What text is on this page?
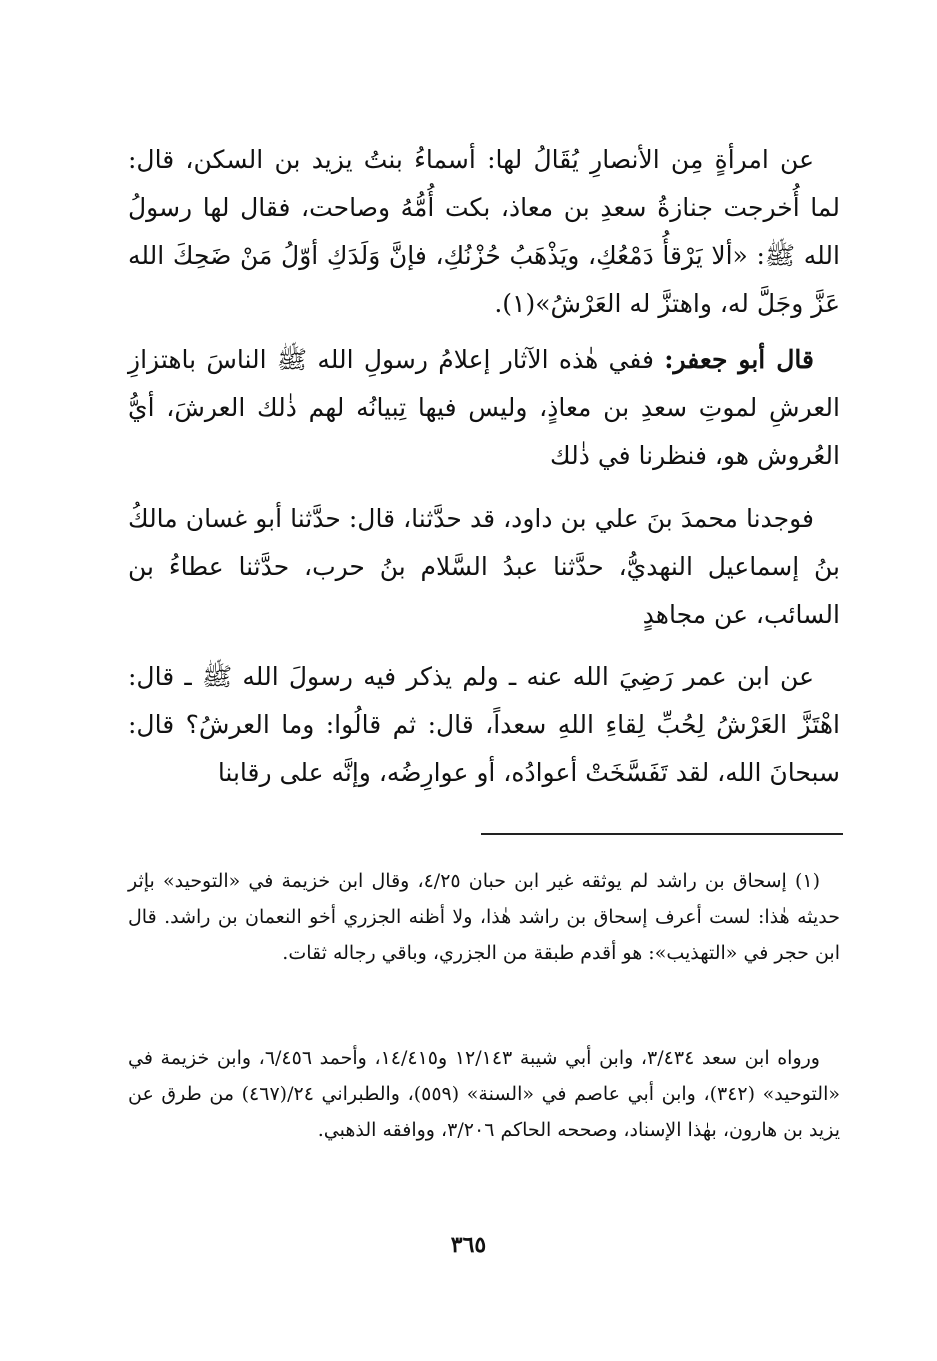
عن امرأةٍ مِن الأنصارِ يُقَالُ لها: أسماءُ بنتُ يزيد بن السكن، قال: لما أُخرجت جنازةُ سعدِ بن معاذ، بكت أُمُّهُ وصاحت، فقال لها رسولُ الله ﷺ: «ألا يَرْقأُ دَمْعُكِ، ويَذْهَبُ حُزْنُكِ، فإنَّ وَلَدَكِ أوّلُ مَنْ ضَحِكَ الله عَزَّ وجَلَّ له، واهتزَّ له العَرْشُ»(١).

قال أبو جعفر: ففي هٰذه الآثار إعلامُ رسولِ الله ﷺ الناسَ باهتزازِ العرشِ لموتِ سعدِ بن معاذٍ، وليس فيها تِبيانُه لهم ذٰلك العرشَ، أيُّ العُروش هو، فنظرنا في ذٰلك

فوجدنا محمدَ بنَ علي بن داود، قد حدَّثنا، قال: حدَّثنا أبو غسان مالكُ بنُ إسماعيل النهديُّ، حدَّثنا عبدُ السَّلام بنُ حرب، حدَّثنا عطاءُ بن السائب، عن مجاهدٍ

عن ابن عمر رَضِيَ الله عنه ـ ولم يذكر فيه رسولَ الله ﷺ ـ قال: اهْتَزَّ العَرْشُ لِحُبِّ لِقاءِ اللهِ سعداً، قال: ثم قالُوا: وما العرشُ؟ قال: سبحانَ الله، لقد تَفَسَّخَتْ أعوادُه، أو عوارِضُه، وإنَّه على رقابنا

(١) إسحاق بن راشد لم يوثقه غير ابن حبان ٤/٢٥، وقال ابن خزيمة في «التوحيد» بإثر حديثه هٰذا: لست أعرف إسحاق بن راشد هٰذا، ولا أظنه الجزري أخو النعمان بن راشد. قال ابن حجر في «التهذيب»: هو أقدم طبقة من الجزري، وباقي رجاله ثقات.

ورواه ابن سعد ٣/٤٣٤، وابن أبي شيبة ١٢/١٤٣ و١٤/٤١٥، وأحمد ٦/٤٥٦، وابن خزيمة في «التوحيد» (٣٤٢)، وابن أبي عاصم في «السنة» (٥٥٩)، والطبراني ٢٤/(٤٦٧) من طرق عن يزيد بن هارون، بهٰذا الإسناد، وصححه الحاكم ٣/٢٠٦، ووافقه الذهبي.

٣٦٥
